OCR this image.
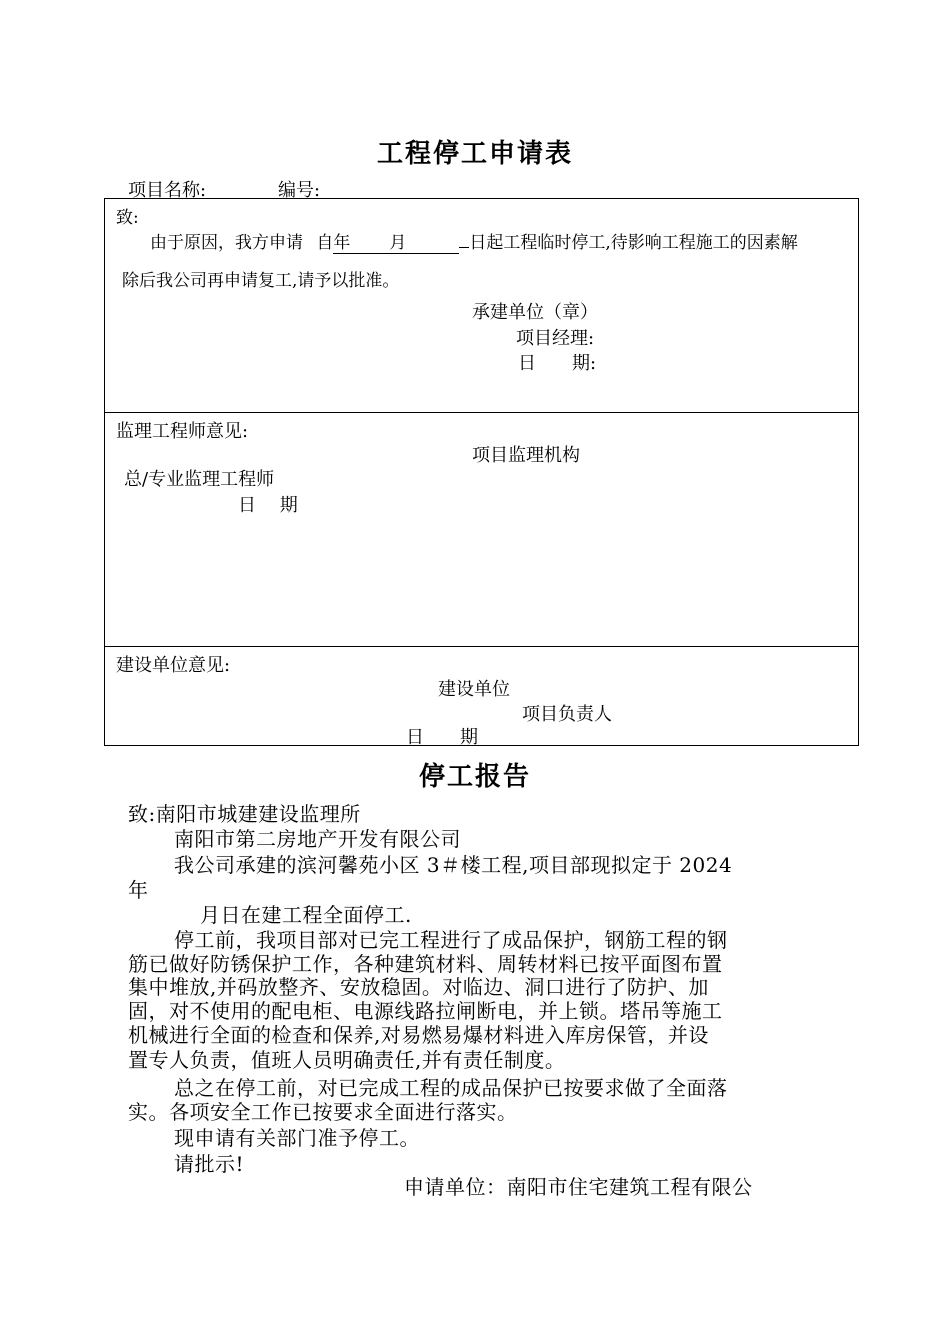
工程停工申请表
项目名称:	编号:
致:
由于原因，我方申请 自年 月	日起工程临时停工,待影响工程施工的因素解
除后我公司再申请复工,请予以批准。
承建单位（章）
项目经理:
日　　期:
监理工程师意见:
项目监理机构
总/专业监理工程师
日　 期
建设单位意见:
建设单位
项目负责人
日　　期
停工报告
致:南阳市城建建设监理所
南阳市第二房地产开发有限公司
我公司承建的滨河馨苑小区 3＃楼工程,项目部现拟定于 2024
年
月日在建工程全面停工.
停工前，我项目部对已完工程进行了成品保护，钢筋工程的钢
筋已做好防锈保护工作，各种建筑材料、周转材料已按平面图布置
集中堆放,并码放整齐、安放稳固。对临边、洞口进行了防护、加
固，对不使用的配电柜、电源线路拉闸断电，并上锁。塔吊等施工
机械进行全面的检查和保养,对易燃易爆材料进入库房保管，并设
置专人负责，值班人员明确责任,并有责任制度。
总之在停工前，对已完成工程的成品保护已按要求做了全面落
实。各项安全工作已按要求全面进行落实。
现申请有关部门准予停工。
请批示!
申请单位：南阳市住宅建筑工程有限公
